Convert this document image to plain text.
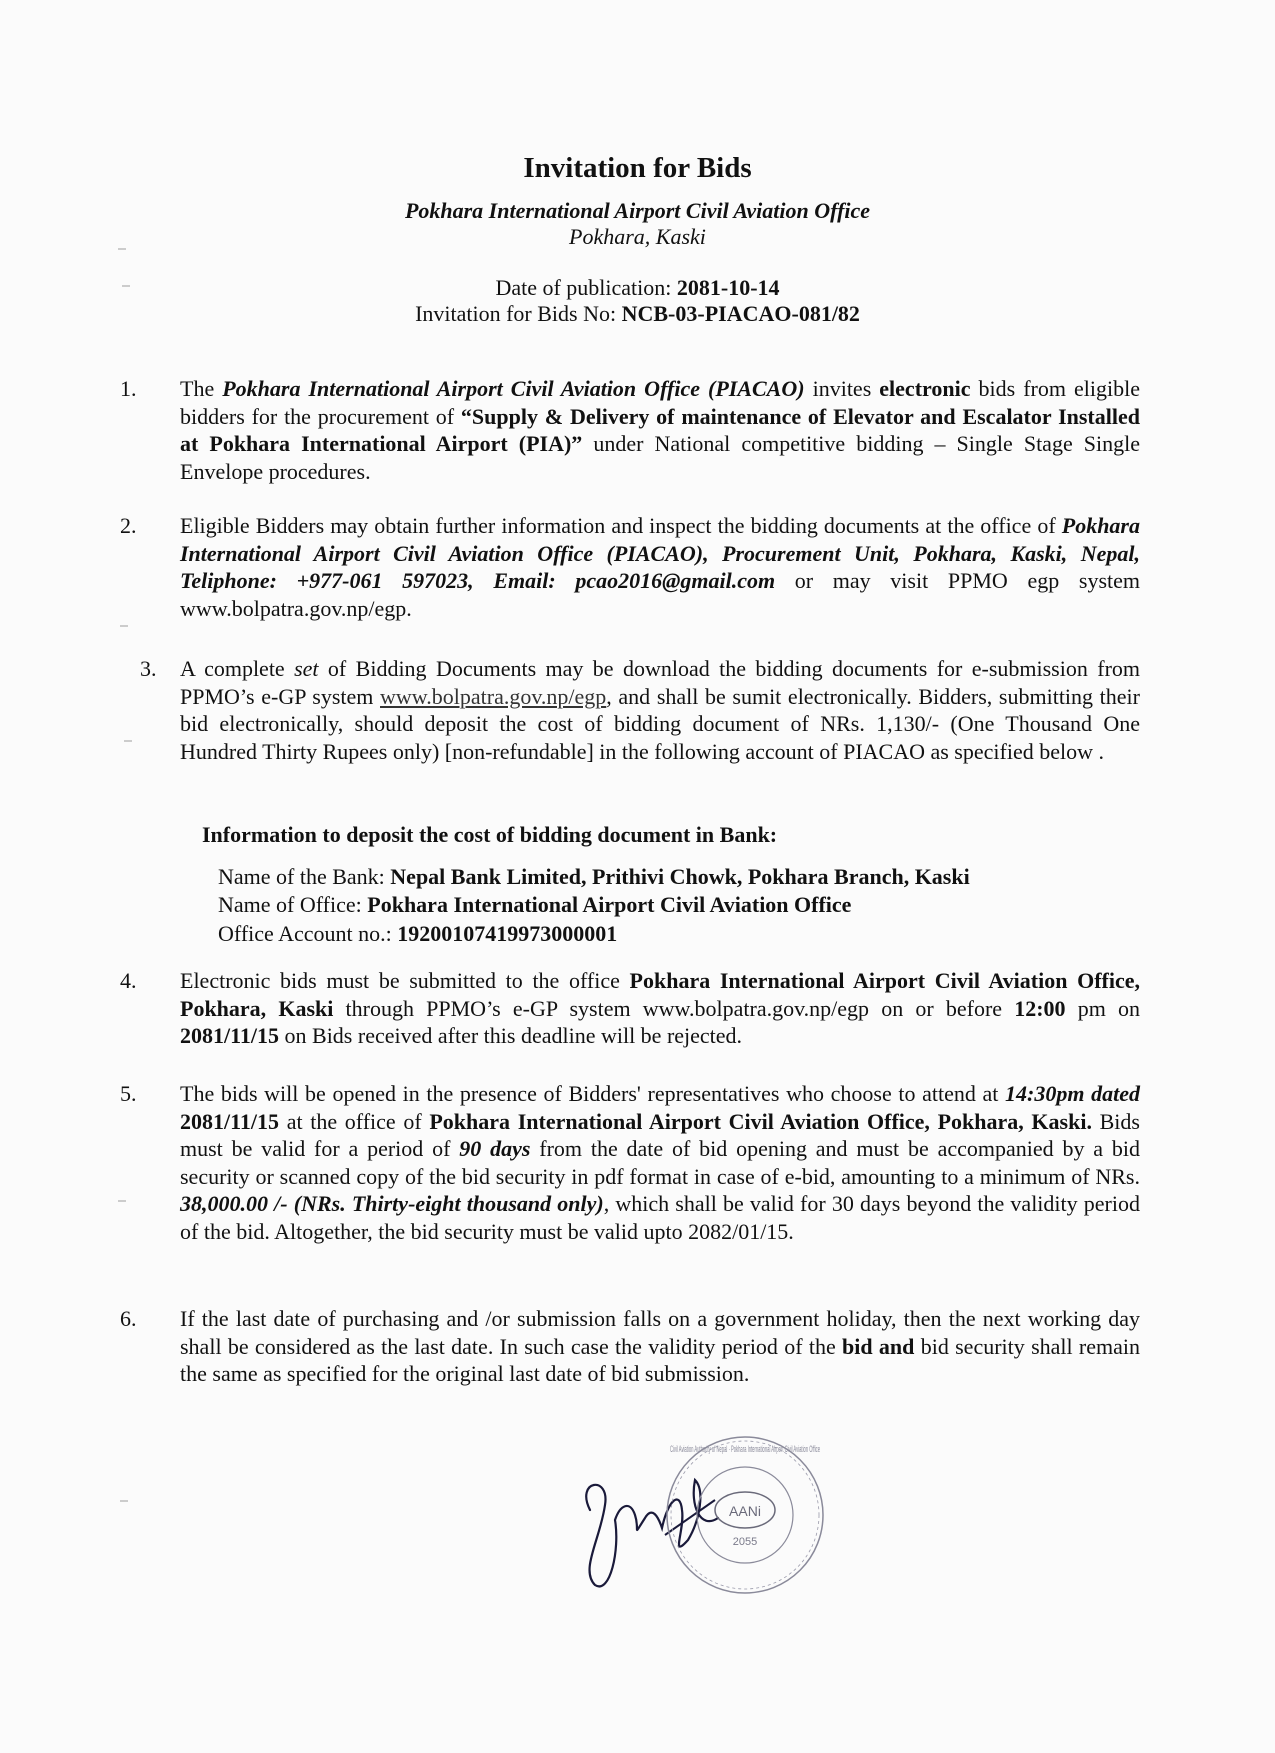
Invitation for Bids
Pokhara International Airport Civil Aviation Office
Pokhara, Kaski
Date of publication: 2081-10-14
Invitation for Bids No: NCB-03-PIACAO-081/82
1.	The Pokhara International Airport Civil Aviation Office (PIACAO) invites electronic bids from eligible bidders for the procurement of “Supply & Delivery of maintenance of Elevator and Escalator Installed at Pokhara International Airport (PIA)” under National competitive bidding – Single Stage Single Envelope procedures.
2.	Eligible Bidders may obtain further information and inspect the bidding documents at the office of Pokhara International Airport Civil Aviation Office (PIACAO), Procurement Unit, Pokhara, Kaski, Nepal, Teliphone: +977-061 597023, Email: pcao2016@gmail.com or may visit PPMO egp system www.bolpatra.gov.np/egp.
3.	A complete set of Bidding Documents may be download the bidding documents for e-submission from PPMO’s e-GP system www.bolpatra.gov.np/egp, and shall be sumit electronically. Bidders, submitting their bid electronically, should deposit the cost of bidding document of NRs. 1,130/- (One Thousand One Hundred Thirty Rupees only) [non-refundable] in the following account of PIACAO as specified below .
Information to deposit the cost of bidding document in Bank:
Name of the Bank: Nepal Bank Limited, Prithivi Chowk, Pokhara Branch, Kaski
Name of Office: Pokhara International Airport Civil Aviation Office
Office Account no.: 19200107419973000001
4.	Electronic bids must be submitted to the office Pokhara International Airport Civil Aviation Office, Pokhara, Kaski through PPMO’s e-GP system www.bolpatra.gov.np/egp on or before 12:00 pm on 2081/11/15 on Bids received after this deadline will be rejected.
5.	The bids will be opened in the presence of Bidders' representatives who choose to attend at 14:30pm dated 2081/11/15 at the office of Pokhara International Airport Civil Aviation Office, Pokhara, Kaski. Bids must be valid for a period of 90 days from the date of bid opening and must be accompanied by a bid security or scanned copy of the bid security in pdf format in case of e-bid, amounting to a minimum of NRs. 38,000.00 /- (NRs. Thirty-eight thousand only), which shall be valid for 30 days beyond the validity period of the bid. Altogether, the bid security must be valid upto 2082/01/15.
6.	If the last date of purchasing and /or submission falls on a government holiday, then the next working day shall be considered as the last date. In such case the validity period of the bid and bid security shall remain the same as specified for the original last date of bid submission.
AANi
2055
Civil Aviation Authority of Nepal · Pokhara International Airport Civil Aviation Office
